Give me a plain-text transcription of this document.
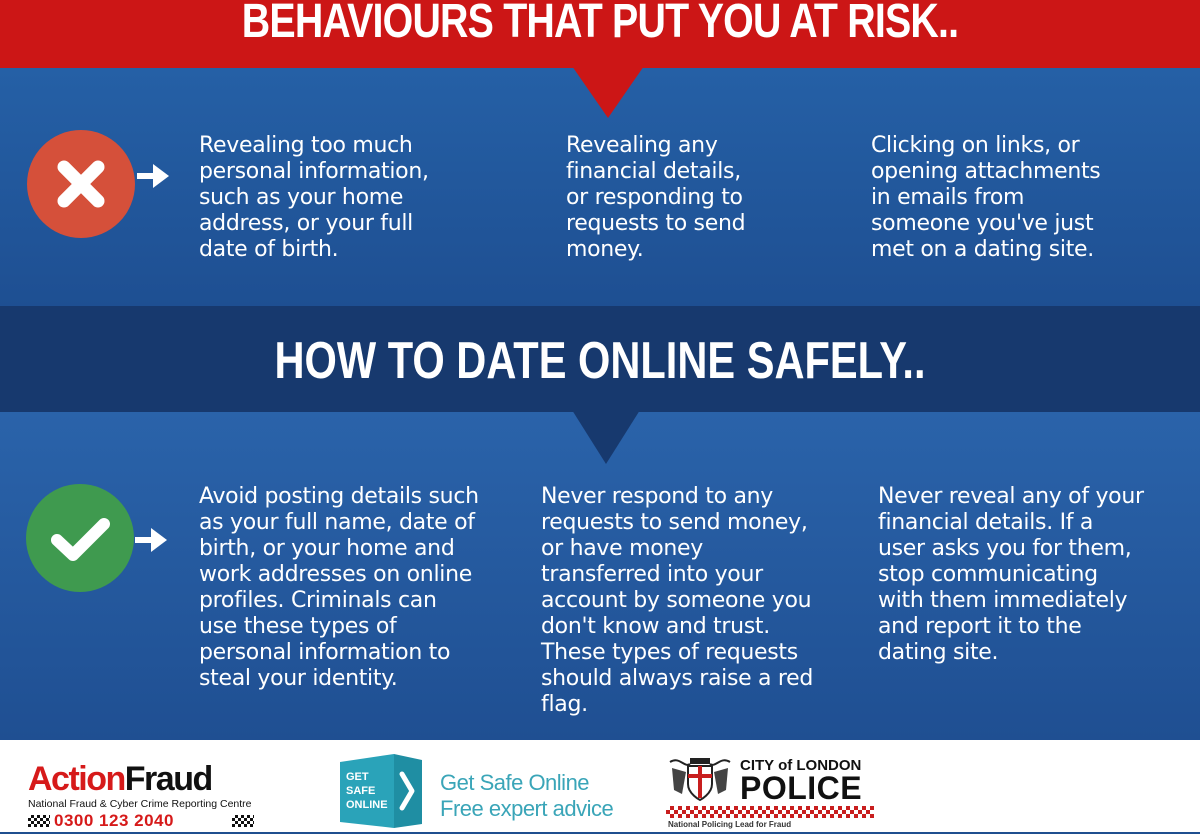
BEHAVIOURS THAT PUT YOU AT RISK..
Revealing too much
personal information,
such as your home
address, or your full
date of birth.
Revealing any
financial details,
or responding to
requests to send
money.
Clicking on links, or
opening attachments
in emails from
someone you've just
met on a dating site.
HOW TO DATE ONLINE SAFELY..
Avoid posting details such
as your full name, date of
birth, or your home and
work addresses on online
profiles. Criminals can
use these types of
personal information to
steal your identity.
Never respond to any
requests to send money,
or have money
transferred into your
account by someone you
don't know and trust.
These types of requests
should always raise a red
flag.
Never reveal any of your
financial details. If a
user asks you for them,
stop communicating
with them immediately
and report it to the
dating site.
ActionFraud
National Fraud & Cyber Crime Reporting Centre
0300 123 2040
GET
SAFE
ONLINE
Get Safe Online
Free expert advice
CITY of LONDON
POLICE
National Policing Lead for Fraud
